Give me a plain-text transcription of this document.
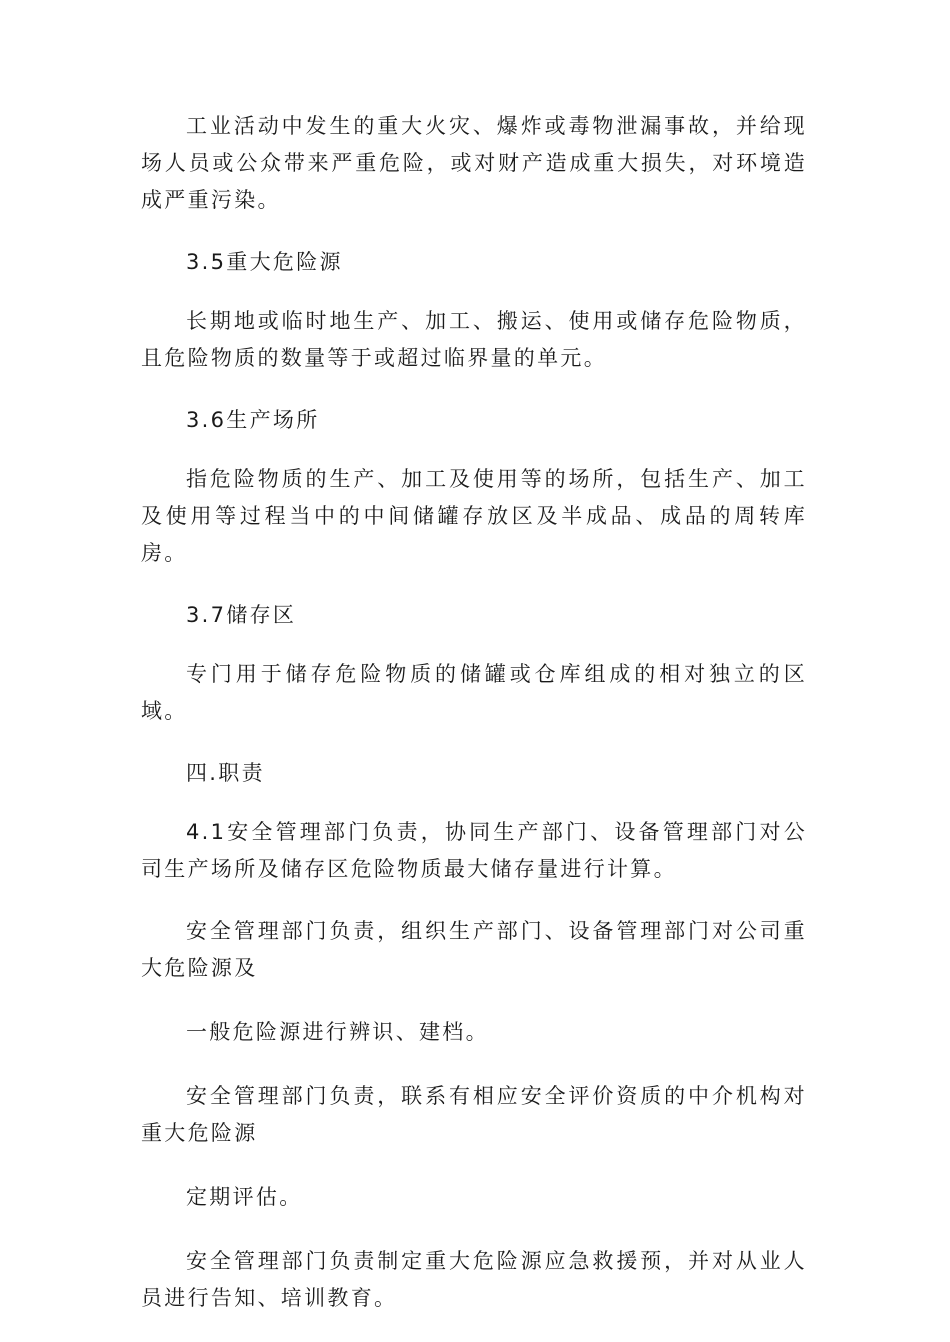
工业活动中发生的重大火灾、爆炸或毒物泄漏事故，并给现场人员或公众带来严重危险，或对财产造成重大损失，对环境造成严重污染。

3.5重大危险源

长期地或临时地生产、加工、搬运、使用或储存危险物质，且危险物质的数量等于或超过临界量的单元。

3.6生产场所

指危险物质的生产、加工及使用等的场所，包括生产、加工及使用等过程当中的中间储罐存放区及半成品、成品的周转库房。

3.7储存区

专门用于储存危险物质的储罐或仓库组成的相对独立的区域。

四.职责

4.1安全管理部门负责，协同生产部门、设备管理部门对公司生产场所及储存区危险物质最大储存量进行计算。

安全管理部门负责，组织生产部门、设备管理部门对公司重大危险源及

一般危险源进行辨识、建档。

安全管理部门负责，联系有相应安全评价资质的中介机构对重大危险源

定期评估。

安全管理部门负责制定重大危险源应急救援预，并对从业人员进行告知、培训教育。
